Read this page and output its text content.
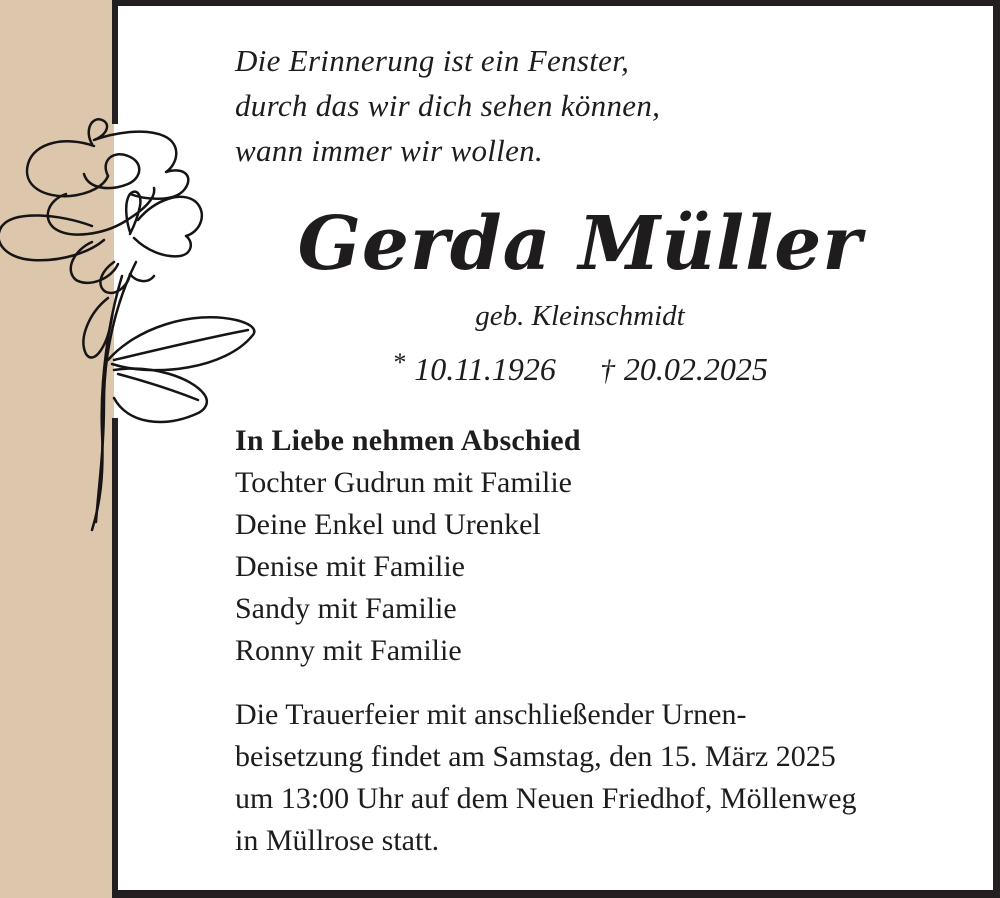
Die Erinnerung ist ein Fenster,
durch das wir dich sehen können,
wann immer wir wollen.
Gerda Müller
geb. Kleinschmidt
* 10.11.1926 † 20.02.2025
In Liebe nehmen Abschied
Tochter Gudrun mit Familie
Deine Enkel und Urenkel
Denise mit Familie
Sandy mit Familie
Ronny mit Familie
Die Trauerfeier mit anschließender Urnen-
beisetzung findet am Samstag, den 15. März 2025
um 13:00 Uhr auf dem Neuen Friedhof, Möllenweg
in Müllrose statt.
